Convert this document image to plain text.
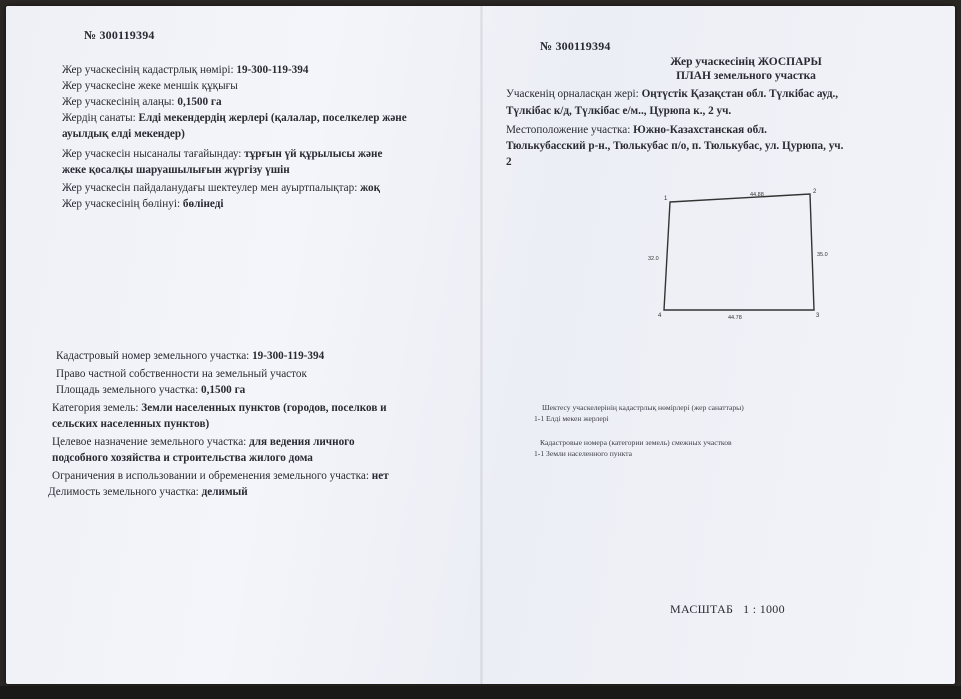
№ 300119394
Жер учаскесінің кадастрлық нөмірі: 19-300-119-394
Жер учаскесіне жеке меншік құқығы
Жер учаскесінің алаңы: 0,1500 га
Жердің санаты: Елді мекендердің жерлері (қалалар, поселкелер және
ауылдық елді мекендер)
Жер учаскесін нысаналы тағайындау: тұрғын үй құрылысы және
жеке қосалқы шаруашылығын жүргізу үшін
Жер учаскесін пайдаланудағы шектеулер мен ауыртпалықтар: жоқ
Жер учаскесінің бөлінуі: бөлінеді
Кадастровый номер земельного участка: 19-300-119-394
Право частной собственности на земельный участок
Площадь земельного участка: 0,1500 га
Категория земель: Земли населенных пунктов (городов, поселков и
сельских населенных пунктов)
Целевое назначение земельного участка: для ведения личного
подсобного хозяйства и строительства жилого дома
Ограничения в использовании и обременения земельного участка: нет
Делимость земельного участка: делимый
№ 300119394
Жер учаскесінің ЖОСПАРЫ
ПЛАН земельного участка
Учаскенің орналасқан жері: Оңтүстік Қазақстан обл. Түлкібас ауд.,
Түлкібас к/д, Түлкібас е/м.., Цурюпа к., 2 уч.
Местоположение участка: Южно-Казахстанская обл.
Тюлькубасский р-н., Тюлькубас п/о, п. Тюлькубас, ул. Цурюпа, уч.
2
1
2
3
4
44.88
35.0
44.78
32.0
Шектесу учаскелерінің кадастрлық нөмірлері (жер санаттары)
1-1 Елді мекен жерлері
Кадастровые номера (категории земель) смежных участков
1-1 Земли населенного пункта
МАСШТАБ 1 : 1000
